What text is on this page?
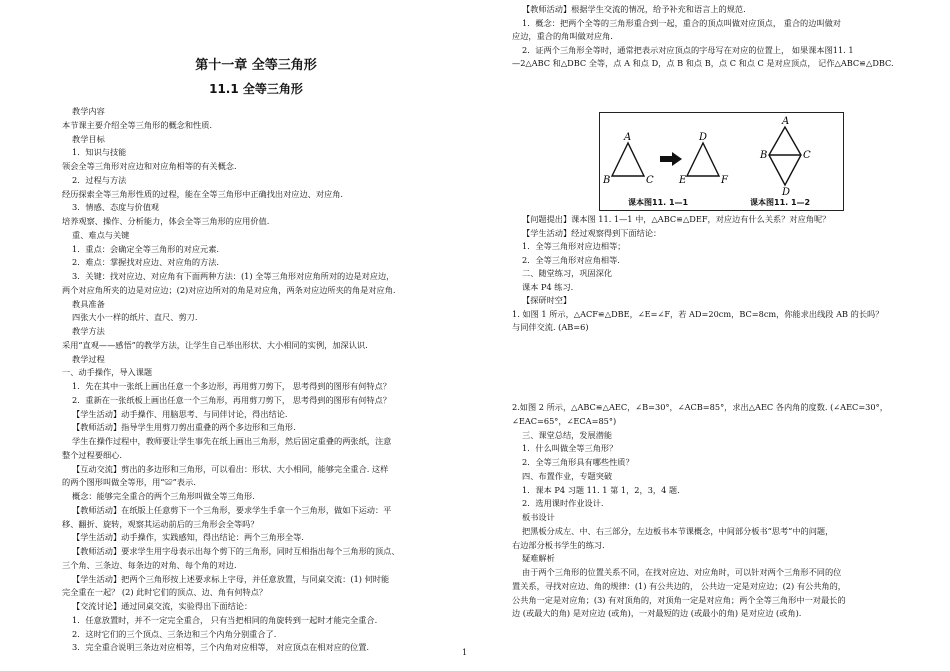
第十一章 全等三角形
11.1 全等三角形
教学内容
本节课主要介绍全等三角形的概念和性质.
教学目标
1．知识与技能
领会全等三角形对应边和对应角相等的有关概念.
2．过程与方法
经历探索全等三角形性质的过程，能在全等三角形中正确找出对应边、对应角.
3．情感、态度与价值观
培养观察、操作、分析能力，体会全等三角形的应用价值.
重、难点与关键
1．重点：会确定全等三角形的对应元素.
2．难点：掌握找对应边、对应角的方法.
3．关键：找对应边、对应角有下面两种方法：(1) 全等三角形对应角所对的边是对应边，
两个对应角所夹的边是对应边；(2)对应边所对的角是对应角，两条对应边所夹的角是对应角.
教具准备
四张大小一样的纸片、直尺、剪刀.
教学方法
采用“直观——感悟”的教学方法，让学生自己举出形状、大小相同的实例，加深认识.
教学过程
一、动手操作，导入课题
1．先在其中一张纸上画出任意一个多边形，再用剪刀剪下， 思考得到的图形有何特点？
2．重新在一张纸板上画出任意一个三角形，再用剪刀剪下， 思考得到的图形有何特点？
【学生活动】动手操作、用脑思考、与同伴讨论，得出结论.
【教师活动】指导学生用剪刀剪出重叠的两个多边形和三角形.
学生在操作过程中，教师要让学生事先在纸上画出三角形，然后固定重叠的两张纸，注意
整个过程要细心.
【互动交流】剪出的多边形和三角形，可以看出：形状、大小相同，能够完全重合. 这样
的两个图形叫做全等形，用“≌”表示.
概念：能够完全重合的两个三角形叫做全等三角形.
【教师活动】在纸版上任意剪下一个三角形，要求学生手拿一个三角形，做如下运动：平
移、翻折、旋转，观察其运动前后的三角形会全等吗？
【学生活动】动手操作，实践感知，得出结论：两个三角形全等.
【教师活动】要求学生用字母表示出每个剪下的三角形，同时互相指出每个三角形的顶点、
三个角、三条边、每条边的对角、每个角的对边.
【学生活动】把两个三角形按上述要求标上字母，并任意放置，与同桌交流：(1) 何时能
完全重在一起？ (2) 此时它们的顶点、边、角有何特点？
【交流讨论】通过同桌交流，实验得出下面结论：
1．任意放置时，并不一定完全重合， 只有当把相同的角旋转到一起时才能完全重合.
2．这时它们的三个顶点、三条边和三个内角分别重合了.
3．完全重合说明三条边对应相等，三个内角对应相等， 对应顶点在相对应的位置.
【教师活动】根据学生交流的情况，给予补充和语言上的规范.
1．概念：把两个全等的三角形重合到一起，重合的顶点叫做对应顶点， 重合的边叫做对
应边，重合的角叫做对应角.
2．证两个三角形全等时，通常把表示对应顶点的字母写在对应的位置上， 如果课本图11. 1
—2△ABC 和△DBC 全等，点 A 和点 D，点 B 和点 B，点 C 和点 C 是对应顶点， 记作△ABC≌△DBC.
A
B	C
D
E	F
A
B	C
D
课本图11. 1—1	课本图11. 1—2
【问题提出】课本图 11. 1—1 中，△ABC≌△DEF，对应边有什么关系？对应角呢？
【学生活动】经过观察得到下面结论：
1．全等三角形对应边相等；
2．全等三角形对应角相等.
二、随堂练习，巩固深化
课本 P4 练习.
【探研时空】
1. 如图 1 所示，△ACF≌△DBE，∠E=∠F，若 AD=20cm，BC=8cm，你能求出线段 AB 的长吗？
与同伴交流. (AB=6)
2.如图 2 所示，△ABC≌△AEC，∠B=30°，∠ACB=85°，求出△AEC 各内角的度数. (∠AEC=30°，
∠EAC=65°，∠ECA=85°)
三、课堂总结，发展潜能
1．什么叫做全等三角形？
2．全等三角形具有哪些性质？
四、布置作业，专题突破
1．课本 P4 习题 11. 1 第 1，2，3，4 题.
2．选用课时作业设计.
板书设计
把黑板分成左、中、右三部分，左边板书本节课概念，中间部分板书“思考”中的问题，
右边部分板书学生的练习.
疑难解析
由于两个三角形的位置关系不同，在找对应边、对应角时，可以针对两个三角形不同的位
置关系，寻找对应边、角的规律：(1) 有公共边的， 公共边一定是对应边；(2) 有公共角的，
公共角一定是对应角；(3) 有对顶角的，对顶角一定是对应角；两个全等三角形中一对最长的
边 (或最大的角) 是对应边 (或角)，一对最短的边 (或最小的角) 是对应边 (或角).
1
